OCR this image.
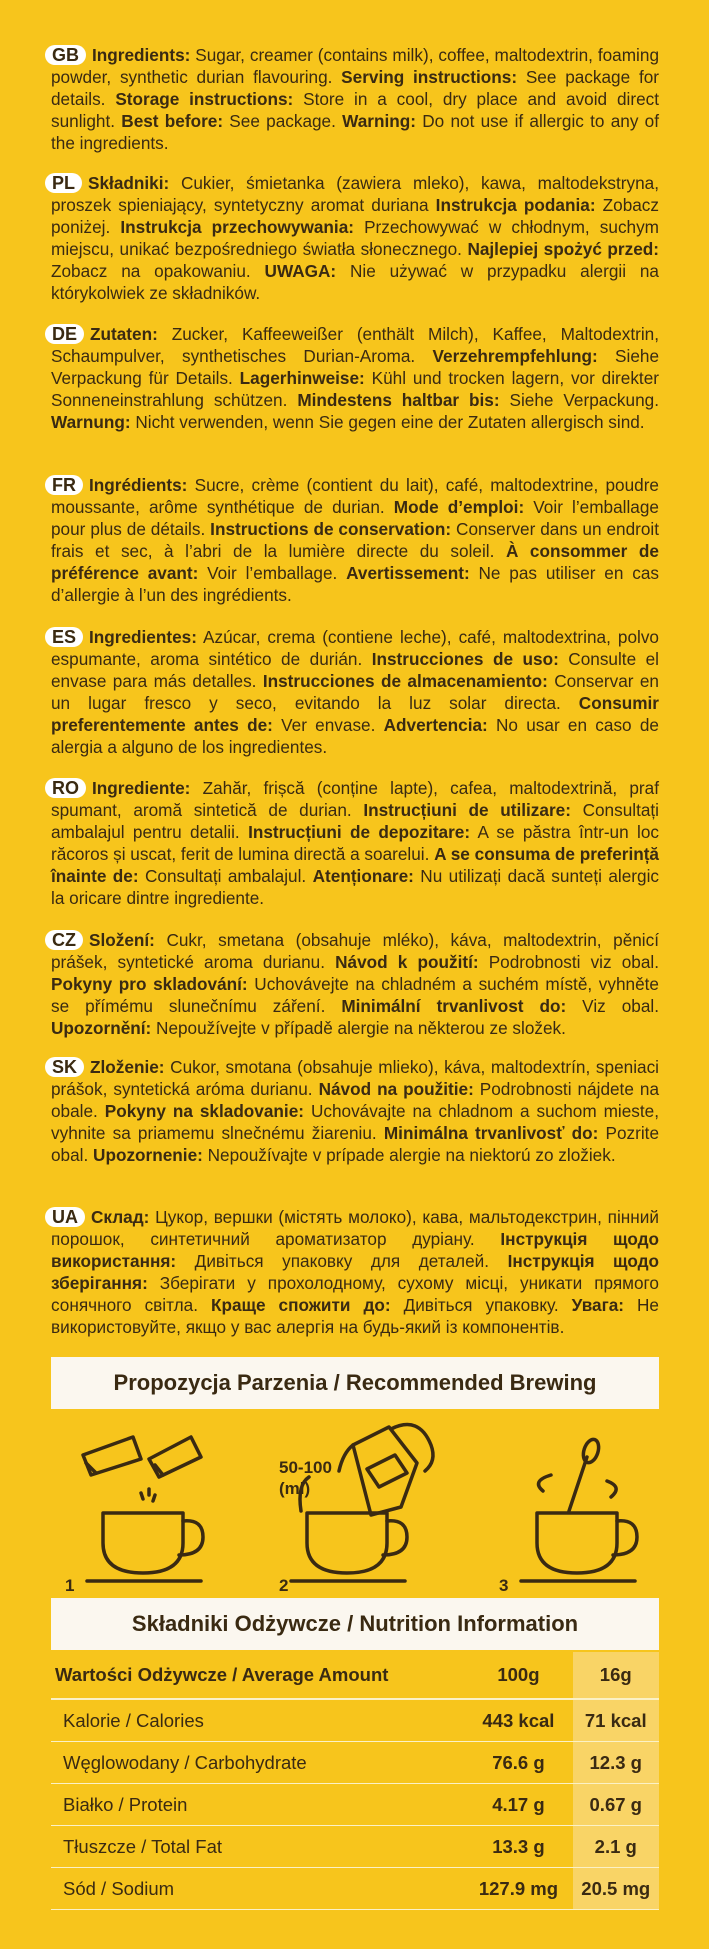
GB Ingredients: Sugar, creamer (contains milk), coffee, maltodextrin, foaming powder, synthetic durian flavouring. Serving instructions: See package for details. Storage instructions: Store in a cool, dry place and avoid direct sunlight. Best before: See package. Warning: Do not use if allergic to any of the ingredients.
PL Składniki: Cukier, śmietanka (zawiera mleko), kawa, maltodekstryna, proszek spieniający, syntetyczny aromat duriana Instrukcja podania: Zobacz poniżej. Instrukcja przechowywania: Przechowywać w chłodnym, suchym miejscu, unikać bezpośredniego światła słonecznego. Najlepiej spożyć przed: Zobacz na opakowaniu. UWAGA: Nie używać w przypadku alergii na którykolwiek ze składników.
DE Zutaten: Zucker, Kaffeeweißer (enthält Milch), Kaffee, Maltodextrin, Schaumpulver, synthetisches Durian-Aroma. Verzehrempfehlung: Siehe Verpackung für Details. Lagerhinweise: Kühl und trocken lagern, vor direkter Sonneneinstrahlung schützen. Mindestens haltbar bis: Siehe Verpackung. Warnung: Nicht verwenden, wenn Sie gegen eine der Zutaten allergisch sind.
FR Ingrédients: Sucre, crème (contient du lait), café, maltodextrine, poudre moussante, arôme synthétique de durian. Mode d’emploi: Voir l’emballage pour plus de détails. Instructions de conservation: Conserver dans un endroit frais et sec, à l’abri de la lumière directe du soleil. À consommer de préférence avant: Voir l’emballage. Avertissement: Ne pas utiliser en cas d’allergie à l’un des ingrédients.
ES Ingredientes: Azúcar, crema (contiene leche), café, maltodextrina, polvo espumante, aroma sintético de durián. Instrucciones de uso: Consulte el envase para más detalles. Instrucciones de almacenamiento: Conservar en un lugar fresco y seco, evitando la luz solar directa. Consumir preferentemente antes de: Ver envase. Advertencia: No usar en caso de alergia a alguno de los ingredientes.
RO Ingrediente: Zahăr, frișcă (conține lapte), cafea, maltodextrină, praf spumant, aromă sintetică de durian. Instrucțiuni de utilizare: Consultați ambalajul pentru detalii. Instrucțiuni de depozitare: A se păstra într-un loc răcoros și uscat, ferit de lumina directă a soarelui. A se consuma de preferință înainte de: Consultați ambalajul. Atenționare: Nu utilizați dacă sunteți alergic la oricare dintre ingrediente.
CZ Složení: Cukr, smetana (obsahuje mléko), káva, maltodextrin, pěnicí prášek, syntetické aroma durianu. Návod k použití: Podrobnosti viz obal. Pokyny pro skladování: Uchovávejte na chladném a suchém místě, vyhněte se přímému slunečnímu záření. Minimální trvanlivost do: Viz obal. Upozornění: Nepoužívejte v případě alergie na některou ze složek.
SK Zloženie: Cukor, smotana (obsahuje mlieko), káva, maltodextrín, speniaci prášok, syntetická aróma durianu. Návod na použitie: Podrobnosti nájdete na obale. Pokyny na skladovanie: Uchovávajte na chladnom a suchom mieste, vyhnite sa priamemu slnečnému žiareniu. Minimálna trvanlivosť do: Pozrite obal. Upozornenie: Nepoužívajte v prípade alergie na niektorú zo zložiek.
UA Склад: Цукор, вершки (містять молоко), кава, мальтодекстрин, пінний порошок, синтетичний ароматизатор дуріану. Інструкція щодо використання: Дивіться упаковку для деталей. Інструкція щодо зберігання: Зберігати у прохолодному, сухому місці, уникати прямого сонячного світла. Краще спожити до: Дивіться упаковку. Увага: Не використовуйте, якщо у вас алергія на будь-який із компонентів.
Propozycja Parzenia / Recommended Brewing
1	2	3
50-100
(ml)
Składniki Odżywcze / Nutrition Information
Wartości Odżywcze / Average Amount	100g	16g
Kalorie / Calories	443 kcal	71 kcal
Węglowodany / Carbohydrate	76.6 g	12.3 g
Białko / Protein	4.17 g	0.67 g
Tłuszcze / Total Fat	13.3 g	2.1 g
Sód / Sodium	127.9 mg	20.5 mg
